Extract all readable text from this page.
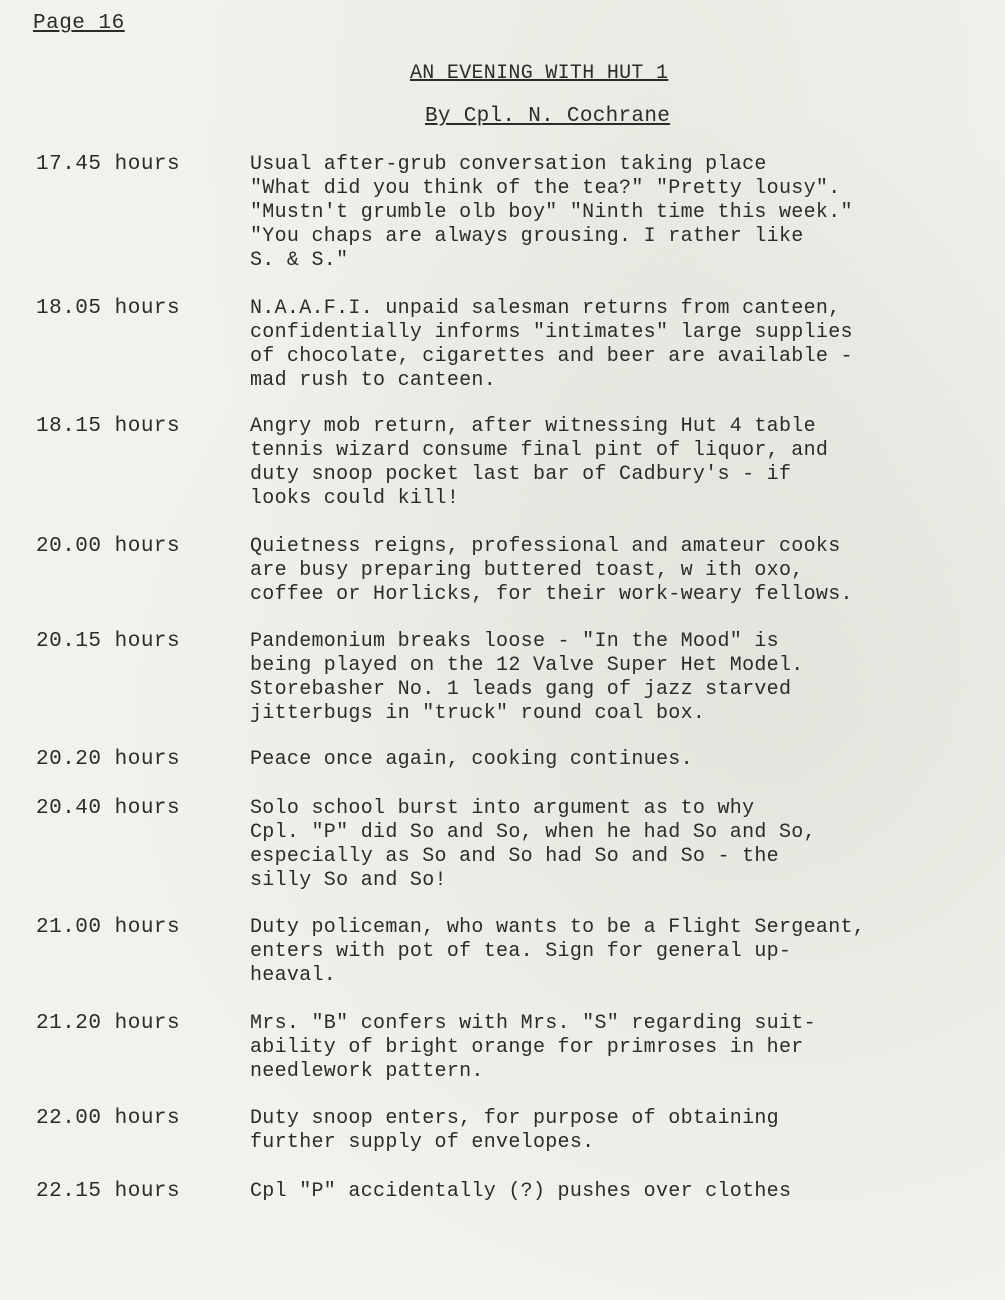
Page 16
AN EVENING WITH HUT 1
By Cpl. N. Cochrane
17.45 hours	Usual after-grub conversation taking place
"What did you think of the tea?" "Pretty lousy".
"Mustn't grumble olb boy" "Ninth time this week."
"You chaps are always grousing. I rather like
S. & S."
18.05 hours	N.A.A.F.I. unpaid salesman returns from canteen,
confidentially informs "intimates" large supplies
of chocolate, cigarettes and beer are available -
mad rush to canteen.
18.15 hours	Angry mob return, after witnessing Hut 4 table
tennis wizard consume final pint of liquor, and
duty snoop pocket last bar of Cadbury's - if
looks could kill!
20.00 hours	Quietness reigns, professional and amateur cooks
are busy preparing buttered toast, w ith oxo,
coffee or Horlicks, for their work-weary fellows.
20.15 hours	Pandemonium breaks loose - "In the Mood" is
being played on the 12 Valve Super Het Model.
Storebasher No. 1 leads gang of jazz starved
jitterbugs in "truck" round coal box.
20.20 hours	Peace once again, cooking continues.
20.40 hours	Solo school burst into argument as to why
Cpl. "P" did So and So, when he had So and So,
especially as So and So had So and So - the
silly So and So!
21.00 hours	Duty policeman, who wants to be a Flight Sergeant,
enters with pot of tea. Sign for general up-
heaval.
21.20 hours	Mrs. "B" confers with Mrs. "S" regarding suit-
ability of bright orange for primroses in her
needlework pattern.
22.00 hours	Duty snoop enters, for purpose of obtaining
further supply of envelopes.
22.15 hours	Cpl "P" accidentally (?) pushes over clothes
